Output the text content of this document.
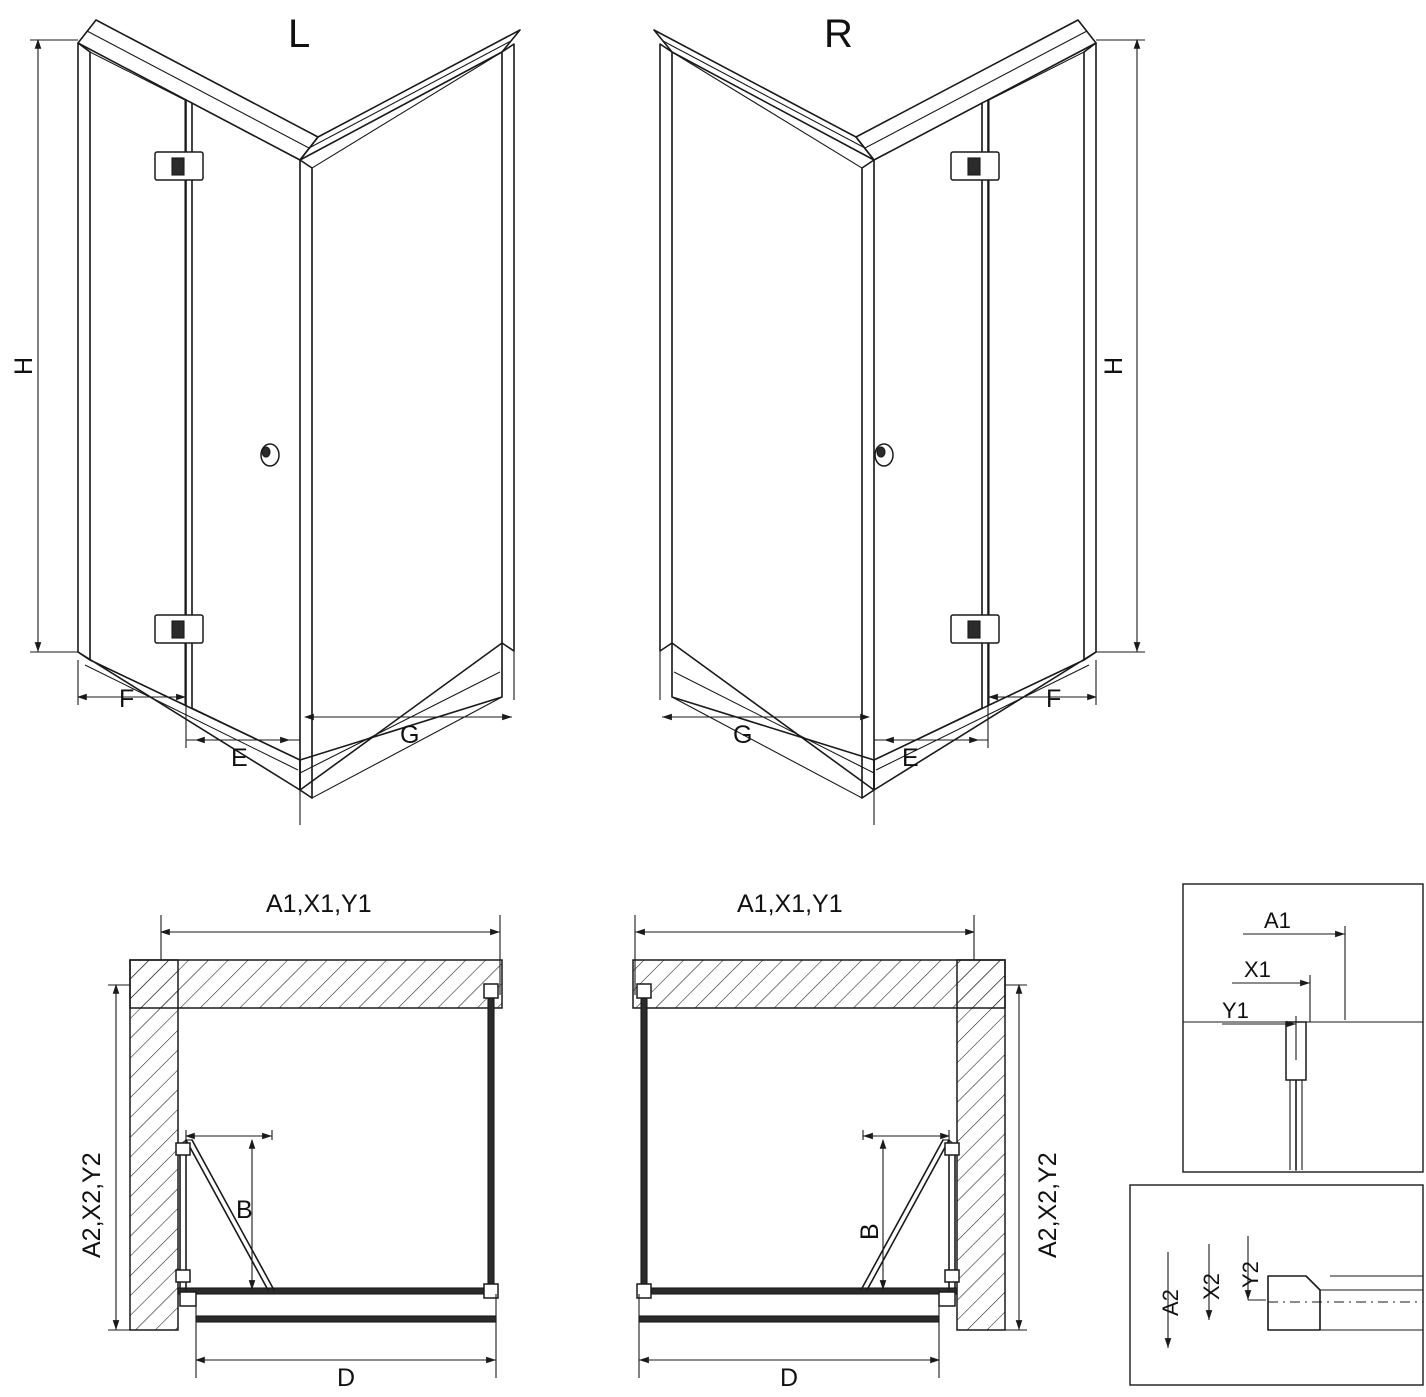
L	R
H	H
F
E
G
F
E
G
A1,X1,Y1
A2,X2,Y2	B
D
A1,X1,Y1
A2,X2,Y2
B
D
A1
X1
Y1
A2
X2 Y2
